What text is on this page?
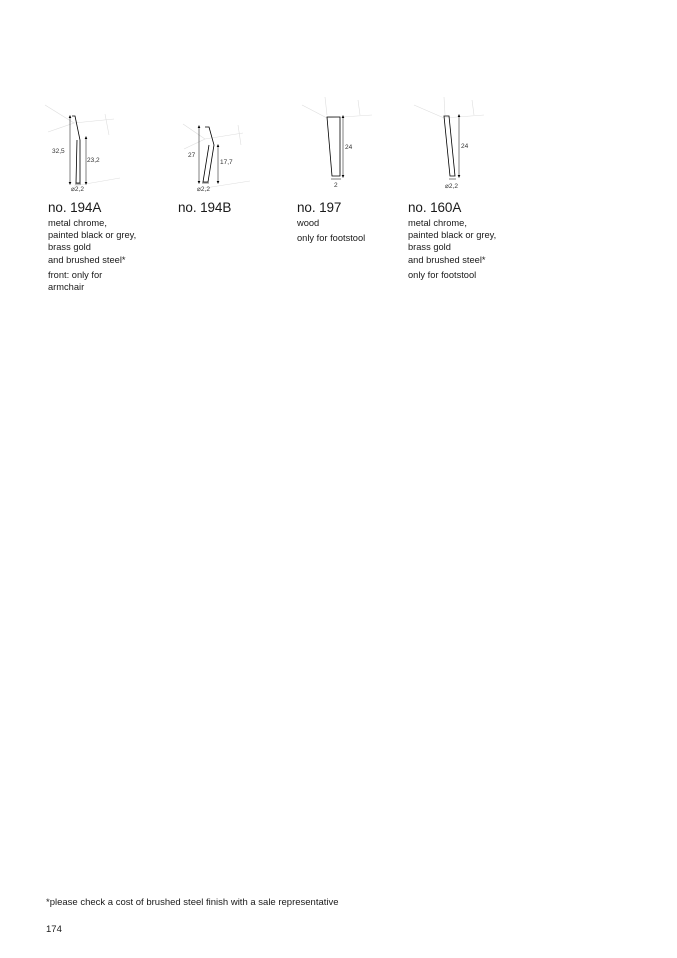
32,5
23,2
⌀2,2
27
17,7
⌀2,2
24
2
24
⌀2,2
no. 194A
metal chrome,
painted black or grey,
brass gold
and brushed steel*
front: only for
armchair
no. 194B	no. 197
wood
only for footstool
no. 160A
metal chrome,
painted black or grey,
brass gold
and brushed steel*
only for footstool
*please check a cost of brushed steel finish with a sale representative
174
